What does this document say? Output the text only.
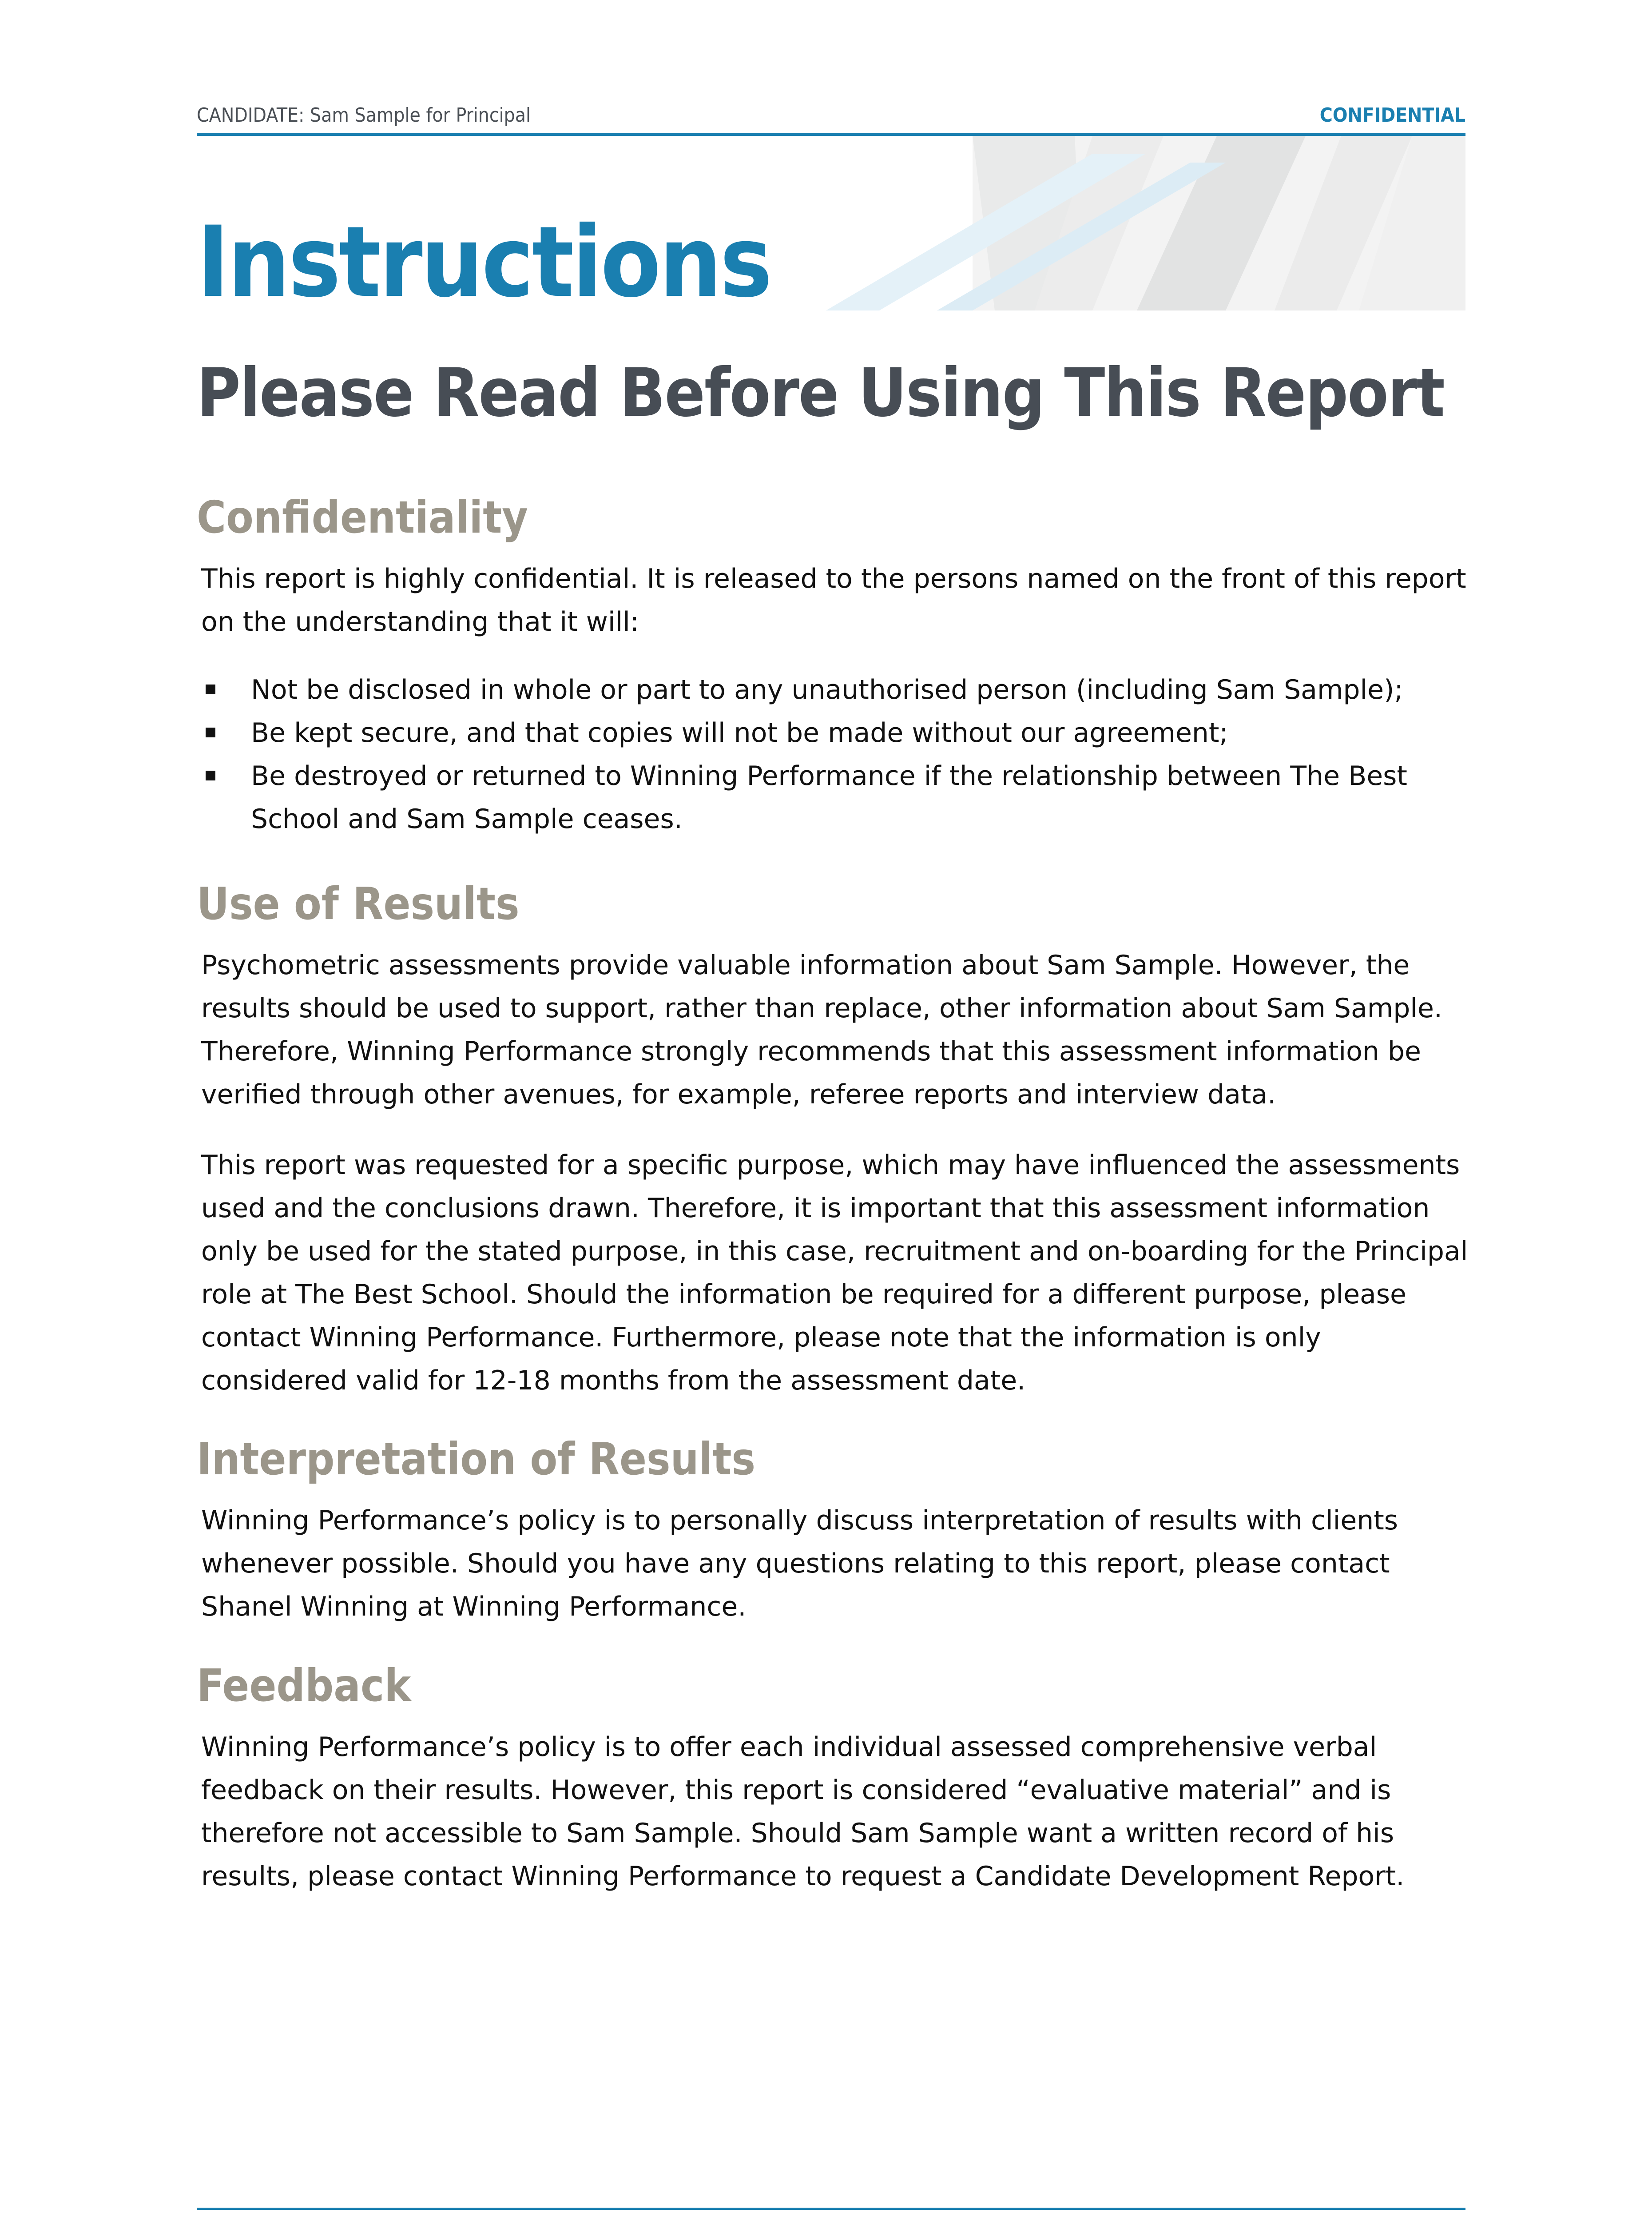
CANDIDATE: Sam Sample for Principal	CONFIDENTIAL
Instructions
Please Read Before Using This Report
Confidentiality

This report is highly confidential. It is released to the persons named on the front of this report on the understanding that it will:

Not be disclosed in whole or part to any unauthorised person (including Sam Sample);
Be kept secure, and that copies will not be made without our agreement;
Be destroyed or returned to Winning Performance if the relationship between The Best School and Sam Sample ceases.
Use of Results

Psychometric assessments provide valuable information about Sam Sample. However, the results should be used to support, rather than replace, other information about Sam Sample. Therefore, Winning Performance strongly recommends that this assessment information be verified through other avenues, for example, referee reports and interview data.

This report was requested for a specific purpose, which may have influenced the assessments used and the conclusions drawn. Therefore, it is important that this assessment information only be used for the stated purpose, in this case, recruitment and on-boarding for the Principal role at The Best School. Should the information be required for a different purpose, please contact Winning Performance. Furthermore, please note that the information is only considered valid for 12-18 months from the assessment date.

Interpretation of Results

Winning Performance’s policy is to personally discuss interpretation of results with clients whenever possible. Should you have any questions relating to this report, please contact Shanel Winning at Winning Performance.

Feedback

Winning Performance’s policy is to offer each individual assessed comprehensive verbal feedback on their results. However, this report is considered “evaluative material” and is therefore not accessible to Sam Sample. Should Sam Sample want a written record of his results, please contact Winning Performance to request a Candidate Development Report.
